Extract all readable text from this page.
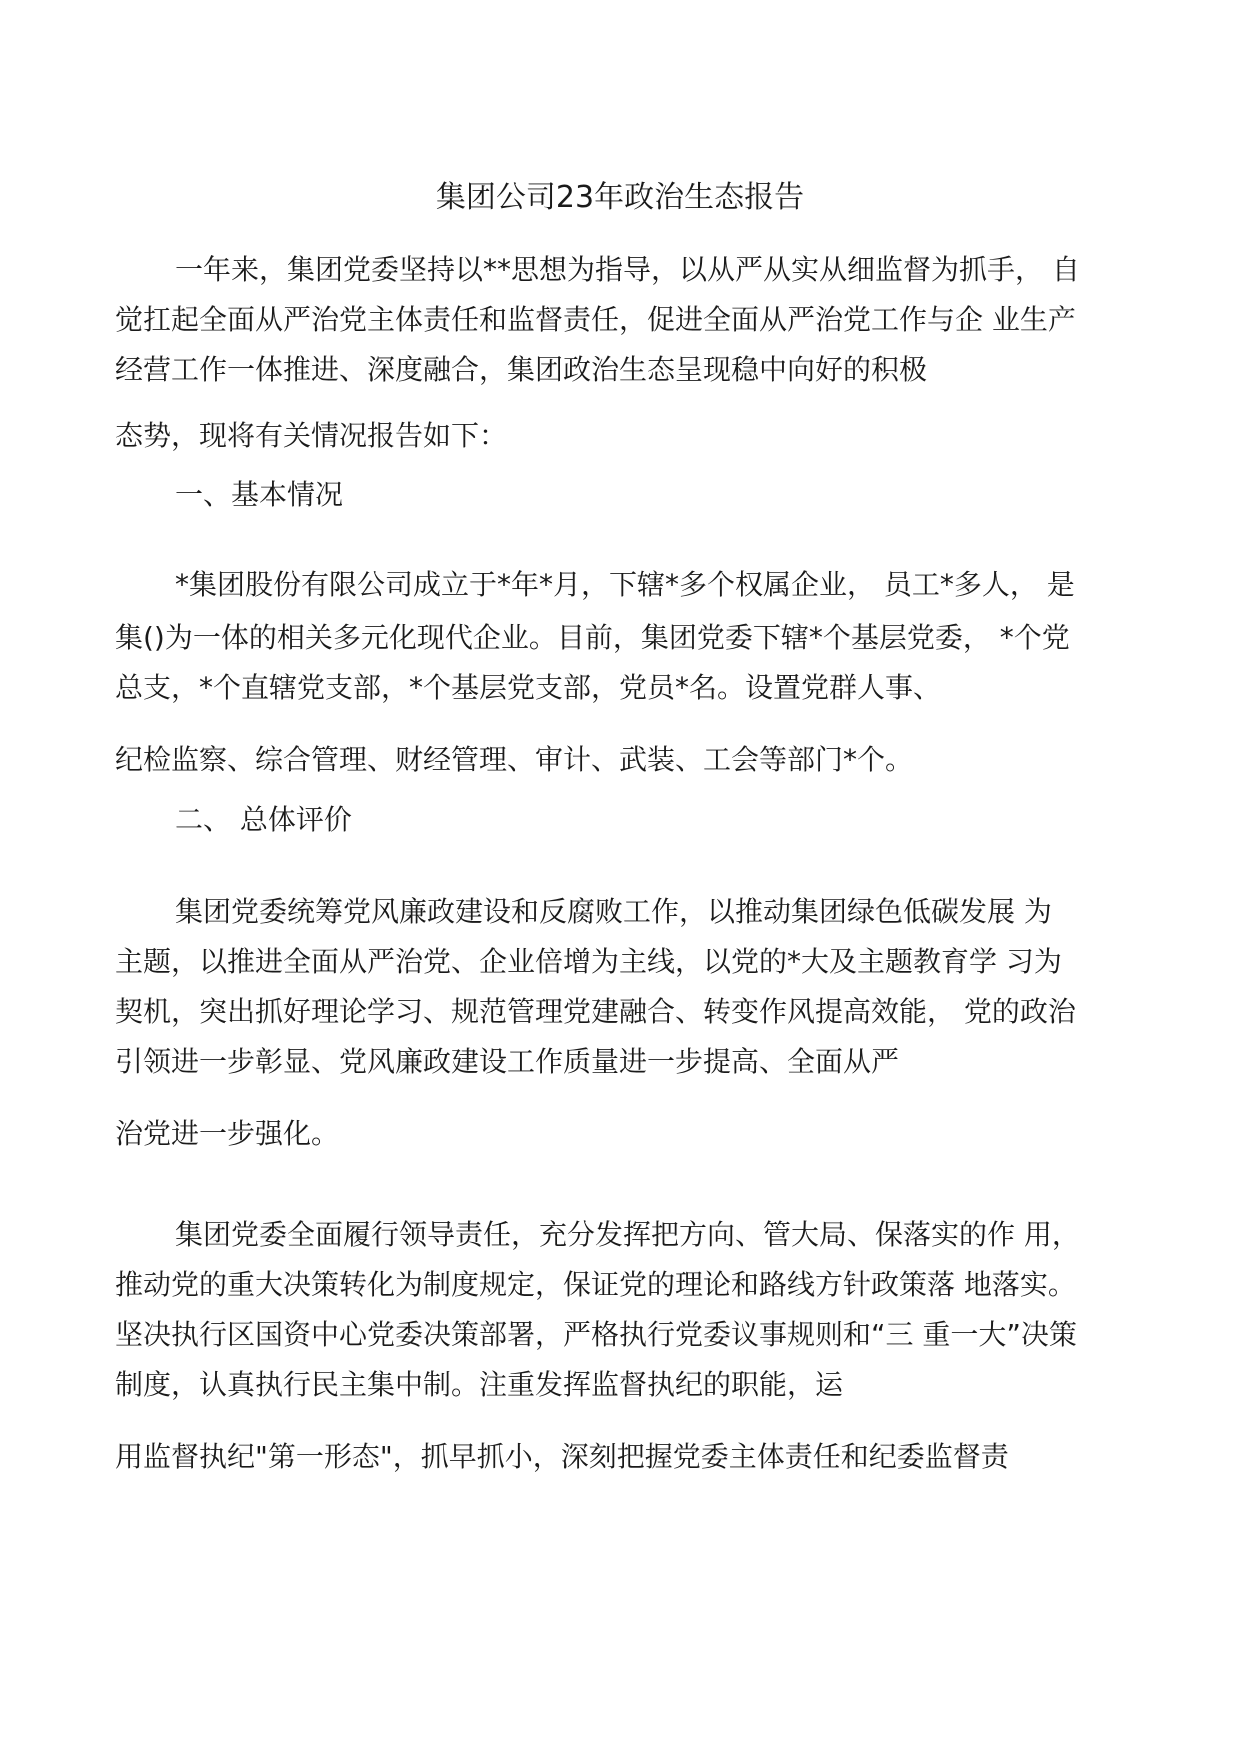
集团公司23年政治生态报告
一年来，集团党委坚持以**思想为指导，以从严从实从细监督为抓手， 自
觉扛起全面从严治党主体责任和监督责任，促进全面从严治党工作与企 业生产
经营工作一体推进、深度融合，集团政治生态呈现稳中向好的积极
态势，现将有关情况报告如下：
一、基本情况
*集团股份有限公司成立于*年*月，下辖*多个权属企业， 员工*多人， 是
集()为一体的相关多元化现代企业。目前，集团党委下辖*个基层党委， *个党
总支，*个直辖党支部，*个基层党支部，党员*名。设置党群人事、
纪检监察、综合管理、财经管理、审计、武装、工会等部门*个。
二、 总体评价
集团党委统筹党风廉政建设和反腐败工作，以推动集团绿色低碳发展 为
主题，以推进全面从严治党、企业倍增为主线，以党的*大及主题教育学 习为
契机，突出抓好理论学习、规范管理党建融合、转变作风提高效能， 党的政治
引领进一步彰显、党风廉政建设工作质量进一步提高、全面从严
治党进一步强化。
集团党委全面履行领导责任，充分发挥把方向、管大局、保落实的作 用，
推动党的重大决策转化为制度规定，保证党的理论和路线方针政策落 地落实。
坚决执行区国资中心党委决策部署，严格执行党委议事规则和“三 重一大”决策
制度，认真执行民主集中制。注重发挥监督执纪的职能，运
用监督执纪"第一形态"，抓早抓小，深刻把握党委主体责任和纪委监督责
